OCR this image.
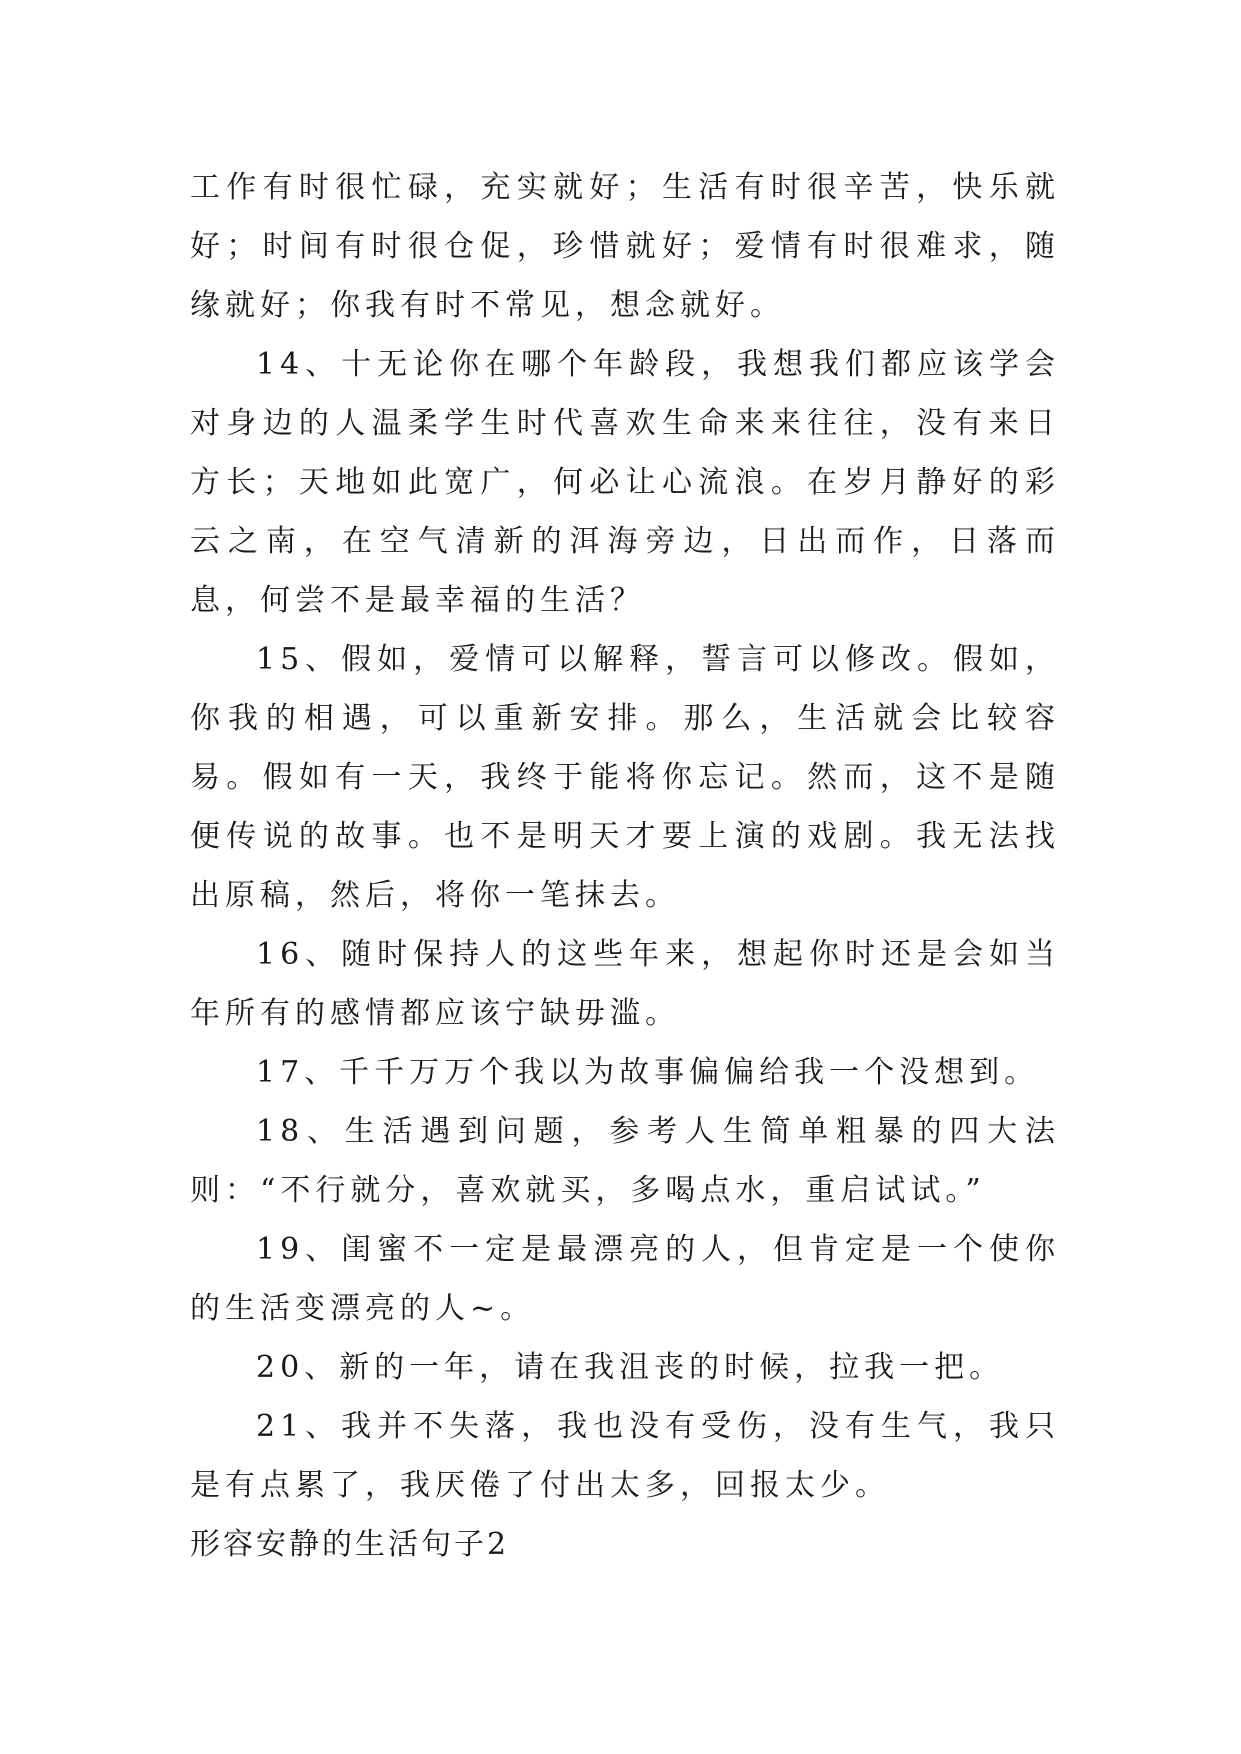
工作有时很忙碌，充实就好；生活有时很辛苦，快乐就好；时间有时很仓促，珍惜就好；爱情有时很难求，随缘就好；你我有时不常见，想念就好。

14、十无论你在哪个年龄段，我想我们都应该学会对身边的人温柔学生时代喜欢生命来来往往，没有来日方长；天地如此宽广，何必让心流浪。在岁月静好的彩云之南，在空气清新的洱海旁边，日出而作，日落而息，何尝不是最幸福的生活？

15、假如，爱情可以解释，誓言可以修改。假如，你我的相遇，可以重新安排。那么，生活就会比较容易。假如有一天，我终于能将你忘记。然而，这不是随便传说的故事。也不是明天才要上演的戏剧。我无法找出原稿，然后，将你一笔抹去。

16、随时保持人的这些年来，想起你时还是会如当年所有的感情都应该宁缺毋滥。

17、千千万万个我以为故事偏偏给我一个没想到。

18、生活遇到问题，参考人生简单粗暴的四大法则：“不行就分，喜欢就买，多喝点水，重启试试。”

19、闺蜜不一定是最漂亮的人，但肯定是一个使你的生活变漂亮的人~。

20、新的一年，请在我沮丧的时候，拉我一把。

21、我并不失落，我也没有受伤，没有生气，我只是有点累了，我厌倦了付出太多，回报太少。

形容安静的生活句子2
